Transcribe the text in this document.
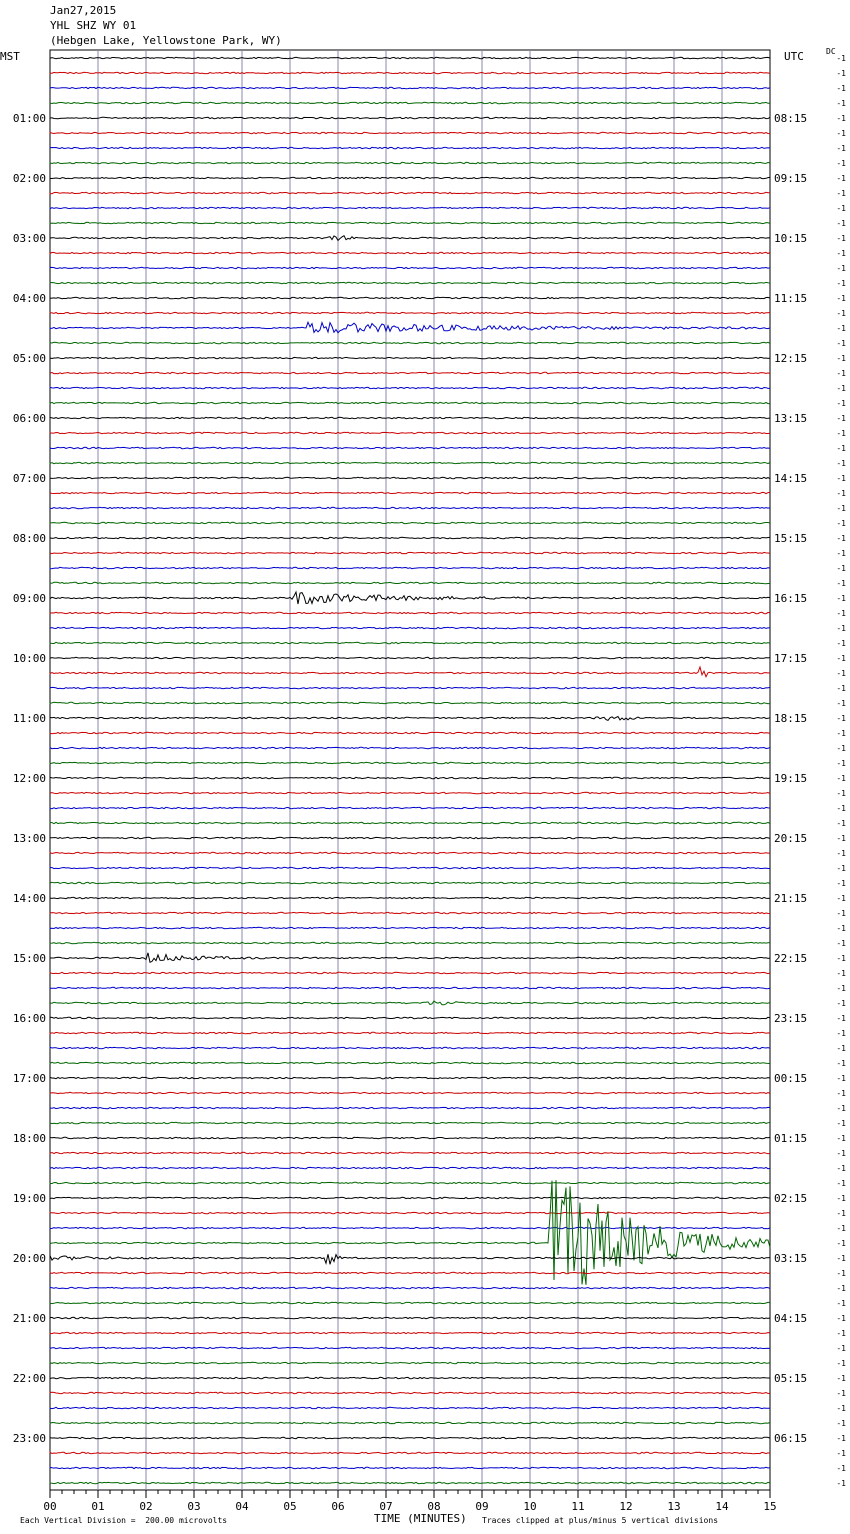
Jan27,2015
YHL SHZ WY 01
(Hebgen Lake, Yellowstone Park, WY)
MST	UTC	DC
01:00
02:00
03:00
04:00
05:00
06:00
07:00
08:00
09:00
10:00
11:00
12:00
13:00
14:00
15:00
16:00
17:00
18:00
19:00
20:00
21:00
22:00
23:00
08:15
09:15
10:15
11:15
12:15
13:15
14:15
15:15
16:15
17:15
18:15
19:15
20:15
21:15
22:15
23:15
00:15
01:15
02:15
03:15
04:15
05:15
06:15
-1
-1
-1
-1
-1
-1
-1
-1
-1
-1
-1
-1
-1
-1
-1
-1
-1
-1
-1
-1
-1
-1
-1
-1
-1
-1
-1
-1
-1
-1
-1
-1
-1
-1
-1
-1
-1
-1
-1
-1
-1
-1
-1
-1
-1
-1
-1
-1
-1
-1
-1
-1
-1
-1
-1
-1
-1
-1
-1
-1
-1
-1
-1
-1
-1
-1
-1
-1
-1
-1
-1
-1
-1
-1
-1
-1
-1
-1
-1
-1
-1
-1
-1
-1
-1
-1
-1
-1
-1
-1
-1
-1
-1
-1
-1
-1
00	01	02	03	04	05	06	07	08	09	10	11	12	13	14	15
Each Vertical Division =  200.00 microvolts	TIME (MINUTES) Traces clipped at plus/minus 5 vertical divisions
